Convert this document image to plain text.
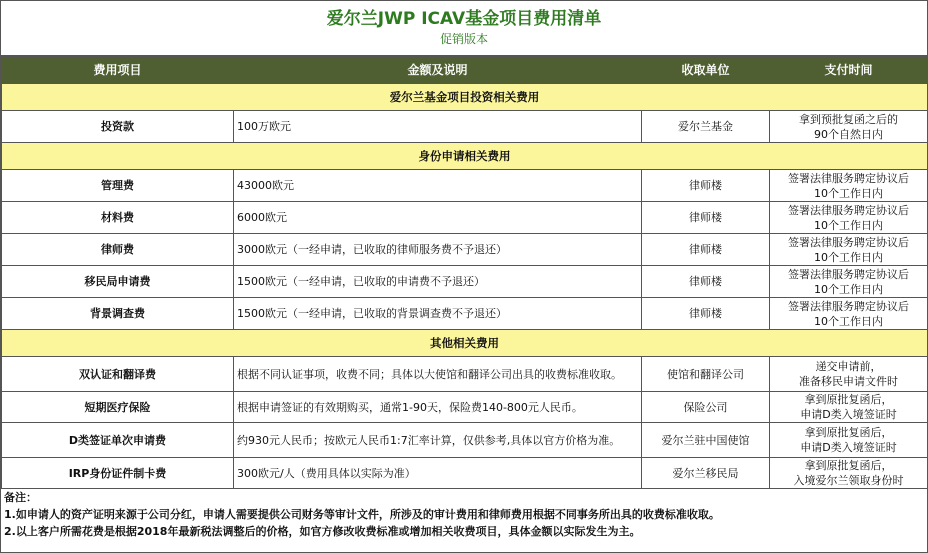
爱尔兰JWP ICAV基金项目费用清单
促销版本
费用项目	金额及说明	收取单位	支付时间
爱尔兰基金项目投资相关费用			
投资款	100万欧元	爱尔兰基金	拿到预批复函之后的
90个自然日内

身份申请相关费用			
管理费	43000欧元	律师楼	签署法律服务聘定协议后
10个工作日内

材料费	6000欧元	律师楼	签署法律服务聘定协议后
10个工作日内

律师费	3000欧元（一经申请，已收取的律师服务费不予退还）	律师楼	签署法律服务聘定协议后
10个工作日内

移民局申请费	1500欧元（一经申请，已收取的申请费不予退还）	律师楼	签署法律服务聘定协议后
10个工作日内

背景调查费	1500欧元（一经申请，已收取的背景调查费不予退还）	律师楼	签署法律服务聘定协议后
10个工作日内

其他相关费用			
双认证和翻译费	根据不同认证事项，收费不同；具体以大使馆和翻译公司出具的收费标准收取。	使馆和翻译公司	递交申请前，
准备移民申请文件时

短期医疗保险	根据申请签证的有效期购买，通常1-90天，保险费140-800元人民币。	保险公司	拿到原批复函后，
申请D类入境签证时

D类签证单次申请费	约930元人民币；按欧元人民币1:7汇率计算，仅供参考,具体以官方价格为准。	爱尔兰驻中国使馆	拿到原批复函后，
申请D类入境签证时

IRP身份证件制卡费	300欧元/人（费用具体以实际为准）	爱尔兰移民局	拿到原批复函后，
入境爱尔兰领取身份时
备注：
1.如申请人的资产证明来源于公司分红，申请人需要提供公司财务等审计文件，所涉及的审计费用和律师费用根据不同事务所出具的收费标准收取。
2.以上客户所需花费是根据2018年最新税法调整后的价格，如官方修改收费标准或增加相关收费项目，具体金额以实际发生为主。
